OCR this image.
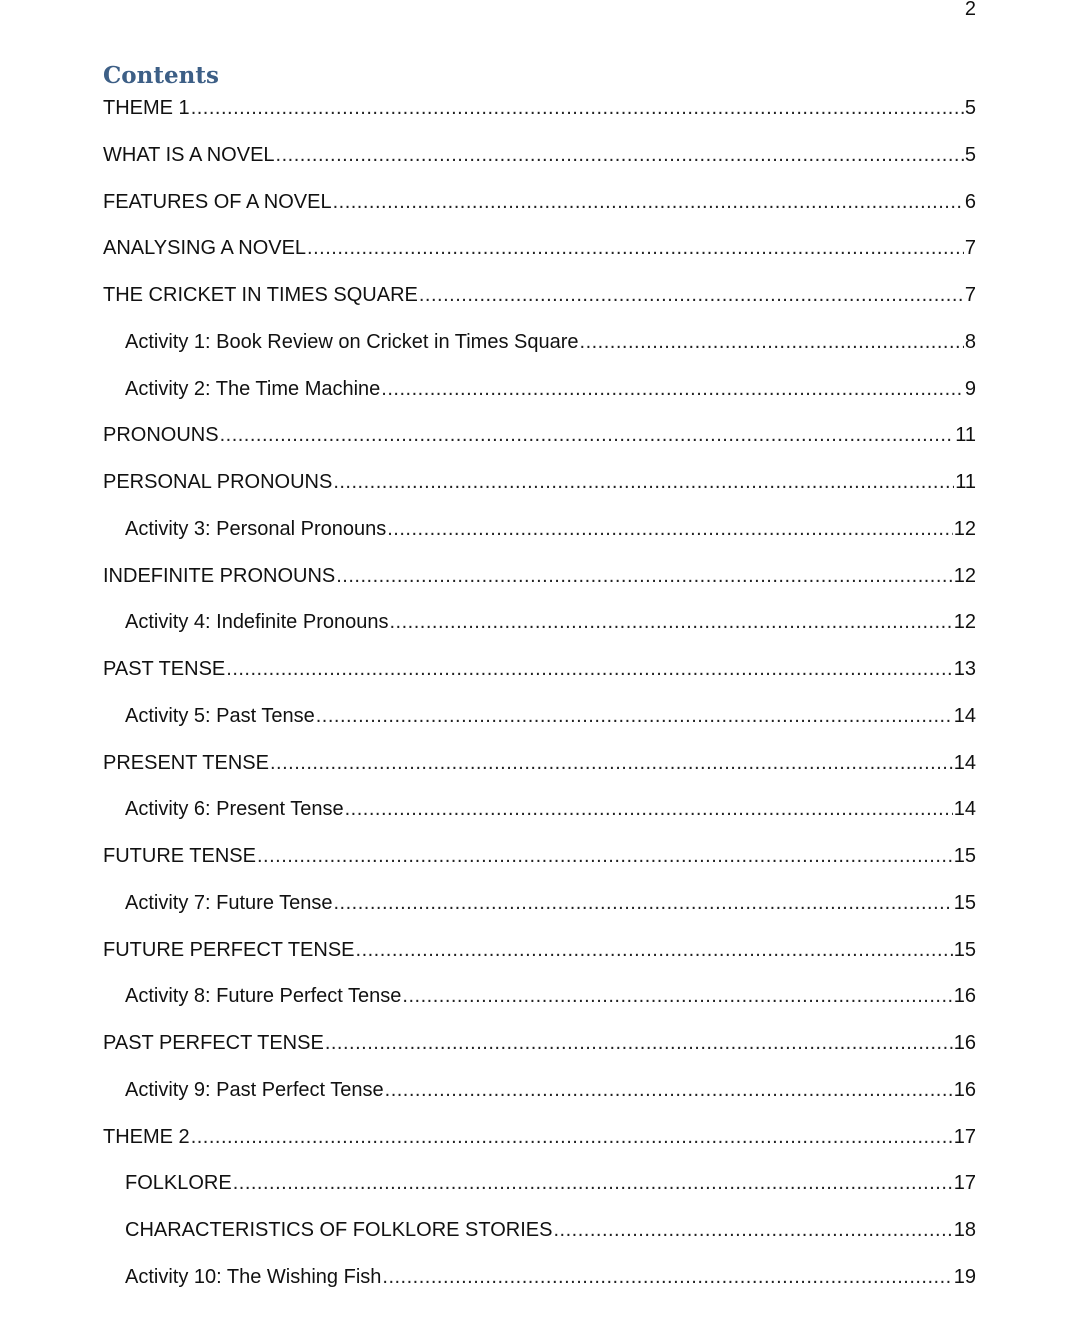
2
Contents
THEME 1 .....	5
WHAT IS A NOVEL .....	5
FEATURES OF A NOVEL .....	6
ANALYSING A NOVEL .....	7
THE CRICKET IN TIMES SQUARE .....	7
Activity 1: Book Review on Cricket in Times Square .....	8
Activity 2: The Time Machine .....	9
PRONOUNS .....	11
PERSONAL PRONOUNS .....	11
Activity 3: Personal Pronouns .....	12
INDEFINITE PRONOUNS .....	12
Activity 4: Indefinite Pronouns .....	12
PAST TENSE .....	13
Activity 5: Past Tense .....	14
PRESENT TENSE .....	14
Activity 6: Present Tense .....	14
FUTURE TENSE .....	15
Activity 7: Future Tense .....	15
FUTURE PERFECT TENSE .....	15
Activity 8: Future Perfect Tense .....	16
PAST PERFECT TENSE .....	16
Activity 9: Past Perfect Tense .....	16
THEME 2 .....	17
FOLKLORE .....	17
CHARACTERISTICS OF FOLKLORE STORIES .....	18
Activity 10: The Wishing Fish .....	19
